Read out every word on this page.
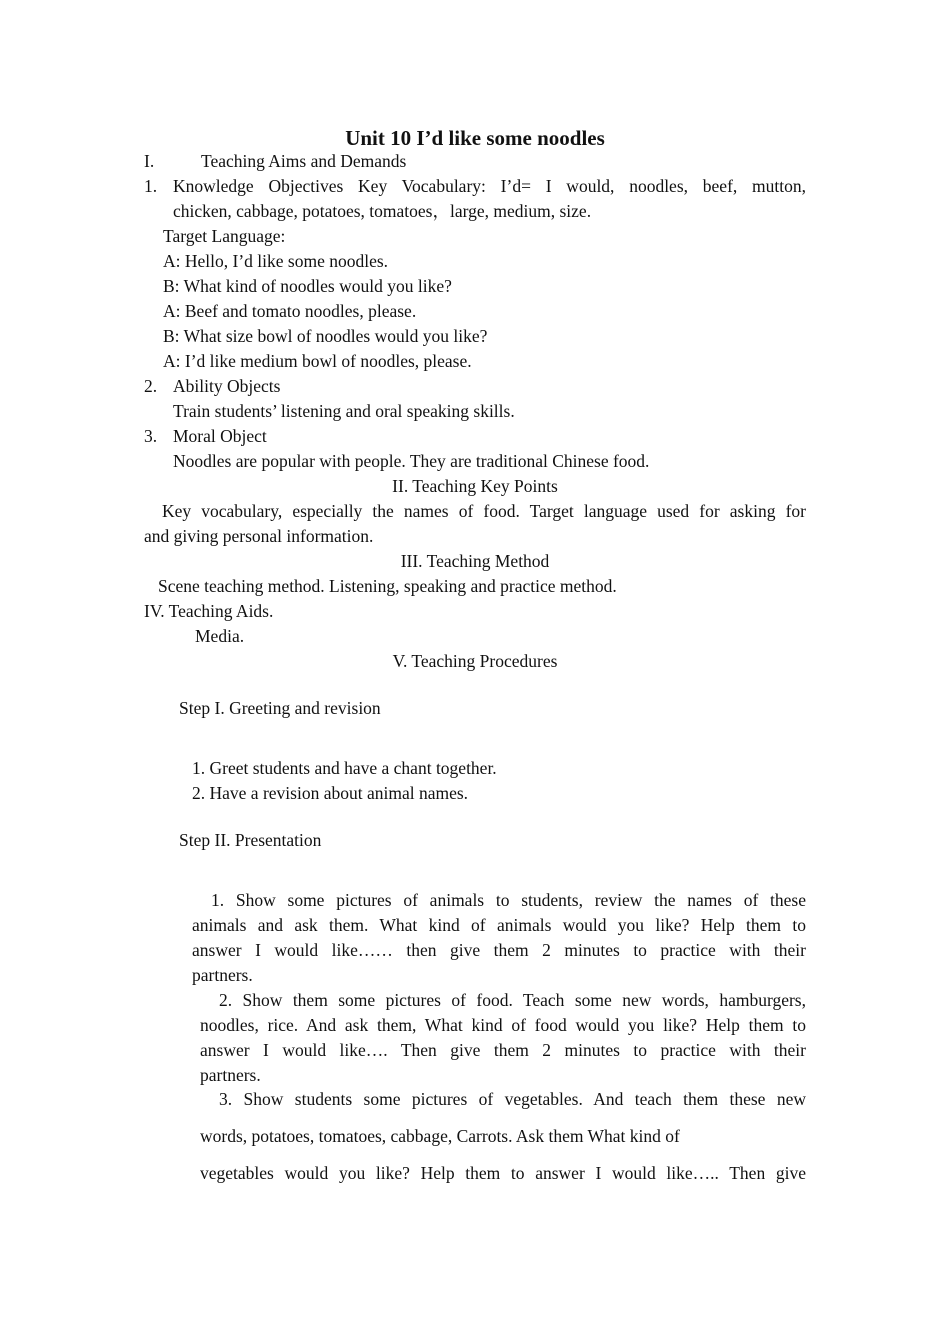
Unit 10 I’d like some noodles
I.	Teaching Aims and Demands
1. Knowledge Objectives Key Vocabulary: I’d= I would, noodles, beef, mutton,
chicken, cabbage, potatoes, tomatoes，large, medium, size.
Target Language:
A: Hello, I’d like some noodles.
B: What kind of noodles would you like?
A: Beef and tomato noodles, please.
B: What size bowl of noodles would you like?
A: I’d like medium bowl of noodles, please.
2. Ability Objects
Train students’ listening and oral speaking skills.
3. Moral Object
Noodles are popular with people. They are traditional Chinese food.
II. Teaching Key Points
Key vocabulary, especially the names of food. Target language used for asking for
and giving personal information.
III. Teaching Method
Scene teaching method. Listening, speaking and practice method.
IV. Teaching Aids.
Media.
V. Teaching Procedures
Step I. Greeting and revision
1. Greet students and have a chant together.
2. Have a revision about animal names.
Step II. Presentation
1. Show some pictures of animals to students, review the names of these
animals and ask them. What kind of animals would you like? Help them to
answer I would like…… then give them 2 minutes to practice with their
partners.
2. Show them some pictures of food. Teach some new words, hamburgers,
noodles, rice. And ask them, What kind of food would you like? Help them to
answer I would like…. Then give them 2 minutes to practice with their
partners.
3. Show students some pictures of vegetables. And teach them these new
words, potatoes, tomatoes, cabbage, Carrots. Ask them What kind of
vegetables would you like? Help them to answer I would like….. Then give
